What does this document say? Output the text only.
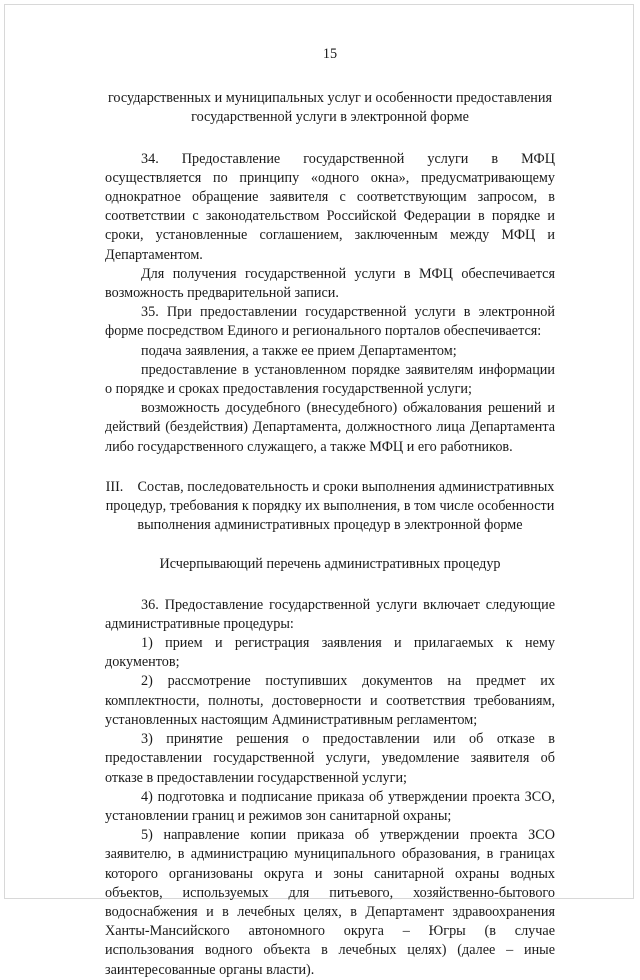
15
государственных и муниципальных услуг и особенности предоставления
государственной услуги в электронной форме

34. Предоставление государственной услуги в МФЦ осуществляется по принципу «одного окна», предусматривающему однократное обращение заявителя с соответствующим запросом, в соответствии с законодательством Российской Федерации в порядке и сроки, установленные соглашением, заключенным между МФЦ и Департаментом.

Для получения государственной услуги в МФЦ обеспечивается возможность предварительной записи.

35. При предоставлении государственной услуги в электронной форме посредством Единого и регионального порталов обеспечивается:

подача заявления, а также ее прием Департаментом;

предоставление в установленном порядке заявителям информации о порядке и сроках предоставления государственной услуги;

возможность досудебного (внесудебного) обжалования решений и действий (бездействия) Департамента, должностного лица Департамента либо государственного служащего, а также МФЦ и его работников.

III.    Состав, последовательность и сроки выполнения административных
процедур, требования к порядку их выполнения, в том числе особенности
выполнения административных процедур в электронной форме
Исчерпывающий перечень административных процедур

36. Предоставление государственной услуги включает следующие административные процедуры:

1) прием и регистрация заявления и прилагаемых к нему документов;

2) рассмотрение поступивших документов на предмет их комплектности, полноты, достоверности и соответствия требованиям, установленных настоящим Административным регламентом;

3) принятие решения о предоставлении или об отказе в предоставлении государственной услуги, уведомление заявителя об отказе в предоставлении государственной услуги;

4) подготовка и подписание приказа об утверждении проекта ЗСО, установлении границ и режимов зон санитарной охраны;

5) направление копии приказа об утверждении проекта ЗСО заявителю, в администрацию муниципального образования, в границах которого организованы округа и зоны санитарной охраны водных объектов, используемых для питьевого, хозяйственно-бытового водоснабжения и в лечебных целях, в Департамент здравоохранения Ханты-Мансийского автономного округа – Югры (в случае использования водного объекта в лечебных целях) (далее – иные заинтересованные органы власти).
